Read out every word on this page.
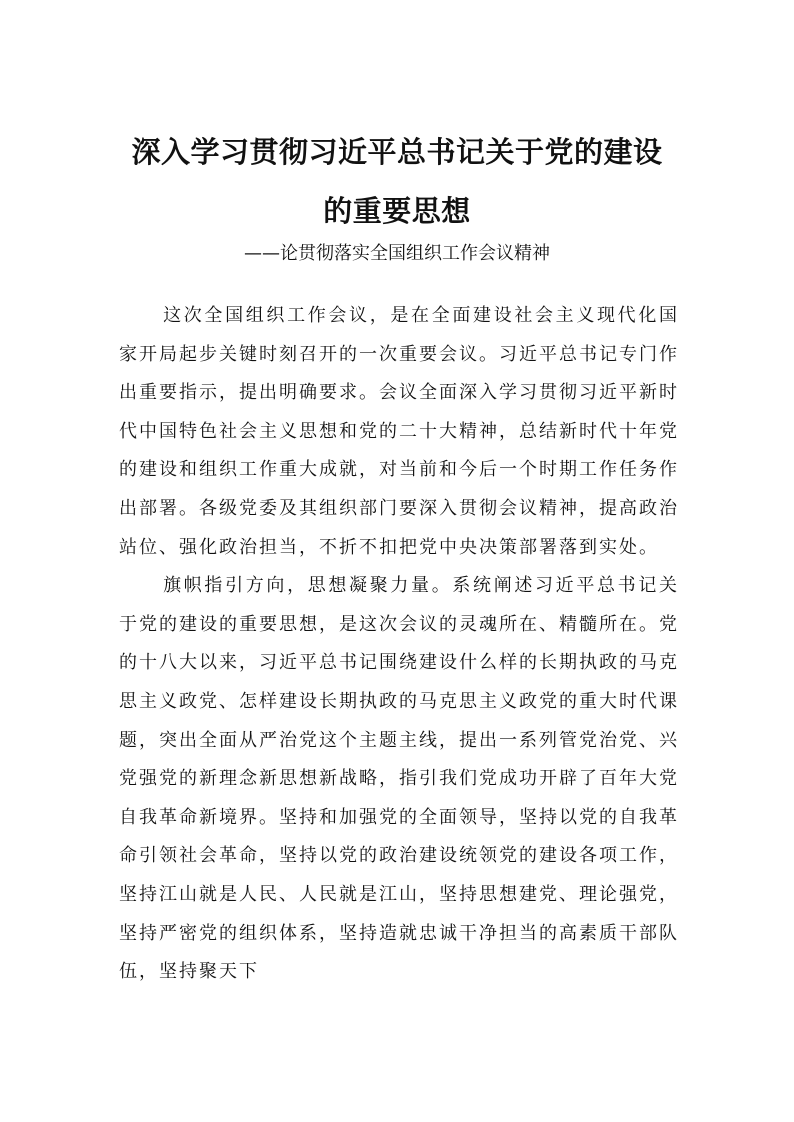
深入学习贯彻习近平总书记关于党的建设
的重要思想

——论贯彻落实全国组织工作会议精神

这次全国组织工作会议，是在全面建设社会主义现代化国家开局起步关键时刻召开的一次重要会议。习近平总书记专门作出重要指示，提出明确要求。会议全面深入学习贯彻习近平新时代中国特色社会主义思想和党的二十大精神，总结新时代十年党的建设和组织工作重大成就，对当前和今后一个时期工作任务作出部署。各级党委及其组织部门要深入贯彻会议精神，提高政治站位、强化政治担当，不折不扣把党中央决策部署落到实处。

旗帜指引方向，思想凝聚力量。系统阐述习近平总书记关于党的建设的重要思想，是这次会议的灵魂所在、精髓所在。党的十八大以来，习近平总书记围绕建设什么样的长期执政的马克思主义政党、怎样建设长期执政的马克思主义政党的重大时代课题，突出全面从严治党这个主题主线，提出一系列管党治党、兴党强党的新理念新思想新战略，指引我们党成功开辟了百年大党自我革命新境界。坚持和加强党的全面领导，坚持以党的自我革命引领社会革命，坚持以党的政治建设统领党的建设各项工作，坚持江山就是人民、人民就是江山，坚持思想建党、理论强党，坚持严密党的组织体系，坚持造就忠诚干净担当的高素质干部队伍，坚持聚天下
